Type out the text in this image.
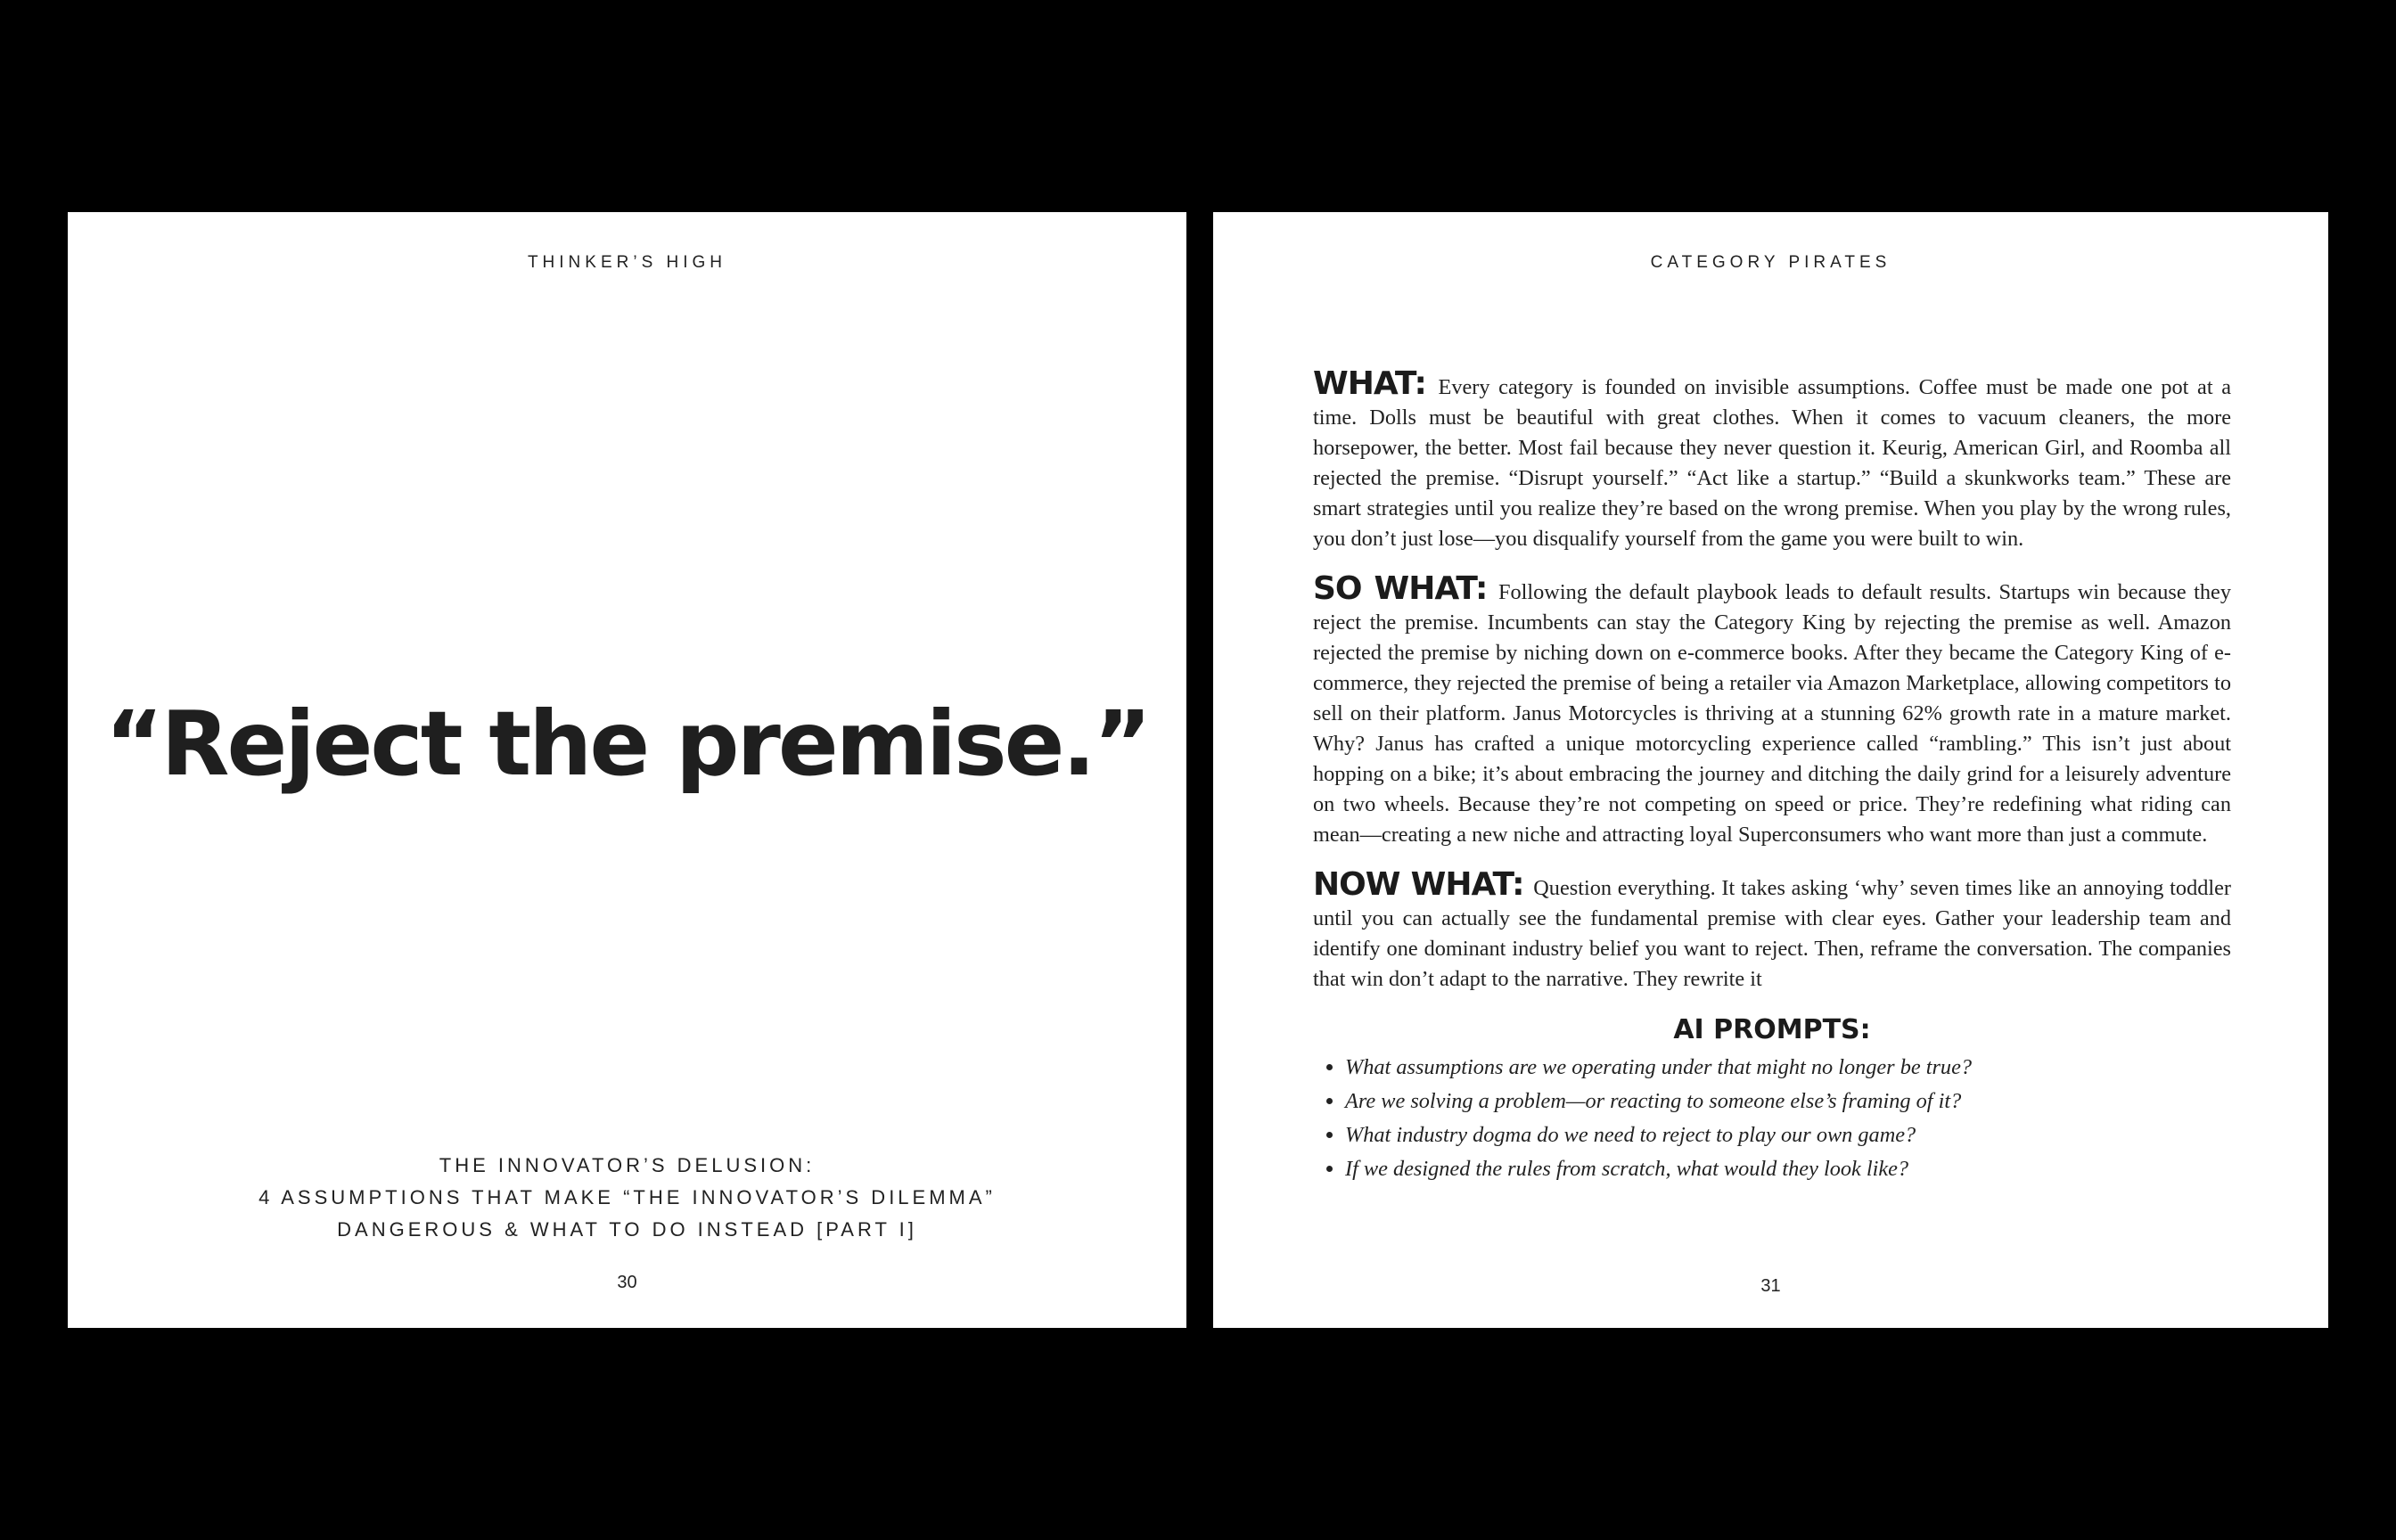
THINKER’S HIGH
“Reject the premise.”
THE INNOVATOR’S DELUSION:
4 ASSUMPTIONS THAT MAKE “THE INNOVATOR’S DILEMMA”
DANGEROUS & WHAT TO DO INSTEAD [PART I]
30
CATEGORY PIRATES

WHAT: Every category is founded on invisible assumptions. Coffee must be made one pot at a time. Dolls must be beautiful with great clothes. When it comes to vacuum cleaners, the more horsepower, the better. Most fail because they never question it. Keurig, American Girl, and Roomba all rejected the premise. “Disrupt yourself.” “Act like a startup.” “Build a skunkworks team.” These are smart strategies until you realize they’re based on the wrong premise. When you play by the wrong rules, you don’t just lose—you disqualify yourself from the game you were built to win.

SO WHAT: Following the default playbook leads to default results. Startups win because they reject the premise. Incumbents can stay the Category King by rejecting the premise as well. Amazon rejected the premise by niching down on e-commerce books. After they became the Category King of e-commerce, they rejected the premise of being a retailer via Amazon Marketplace, allowing competitors to sell on their platform. Janus Motorcycles is thriving at a stunning 62% growth rate in a mature market. Why? Janus has crafted a unique motorcycling experience called “rambling.” This isn’t just about hopping on a bike; it’s about embracing the journey and ditching the daily grind for a leisurely adventure on two wheels. Because they’re not competing on speed or price. They’re redefining what riding can mean—creating a new niche and attracting loyal Superconsumers who want more than just a commute.

NOW WHAT: Question everything. It takes asking ‘why’ seven times like an annoying toddler until you can actually see the fundamental premise with clear eyes. Gather your leadership team and identify one dominant industry belief you want to reject. Then, reframe the conversation. The companies that win don’t adapt to the narrative. They rewrite it

AI PROMPTS:
• What assumptions are we operating under that might no longer be true?
• Are we solving a problem—or reacting to someone else’s framing of it?
• What industry dogma do we need to reject to play our own game?
• If we designed the rules from scratch, what would they look like?
31
